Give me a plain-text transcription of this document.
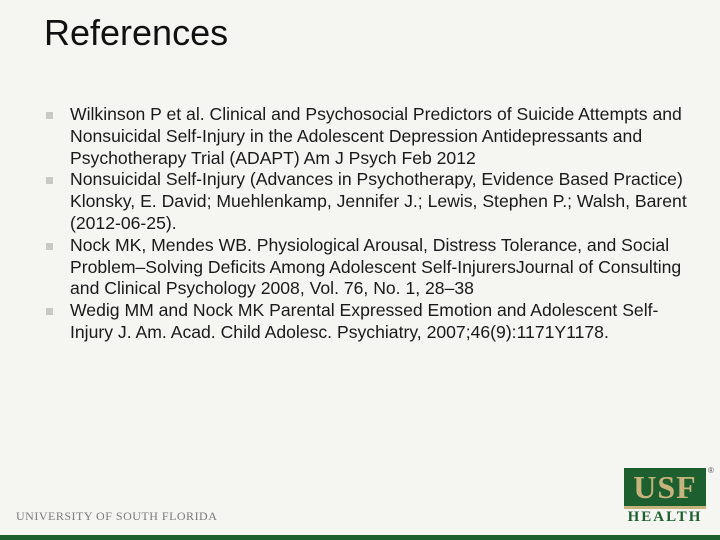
References
Wilkinson P et al. Clinical and Psychosocial Predictors of Suicide Attempts and Nonsuicidal Self-Injury in the Adolescent Depression Antidepressants and Psychotherapy Trial (ADAPT) Am J Psych Feb 2012
Nonsuicidal Self-Injury (Advances in Psychotherapy, Evidence Based Practice) Klonsky, E. David; Muehlenkamp, Jennifer J.; Lewis, Stephen P.; Walsh, Barent (2012-06-25).
Nock MK, Mendes WB. Physiological Arousal, Distress Tolerance, and Social Problem–Solving Deficits Among Adolescent Self-InjurersJournal of Consulting and Clinical Psychology 2008, Vol. 76, No. 1, 28–38
Wedig MM and Nock MK Parental Expressed Emotion and Adolescent Self-Injury J. Am. Acad. Child Adolesc. Psychiatry, 2007;46(9):1171Y1178.
UNIVERSITY OF SOUTH FLORIDA
USF
HEALTH
®
